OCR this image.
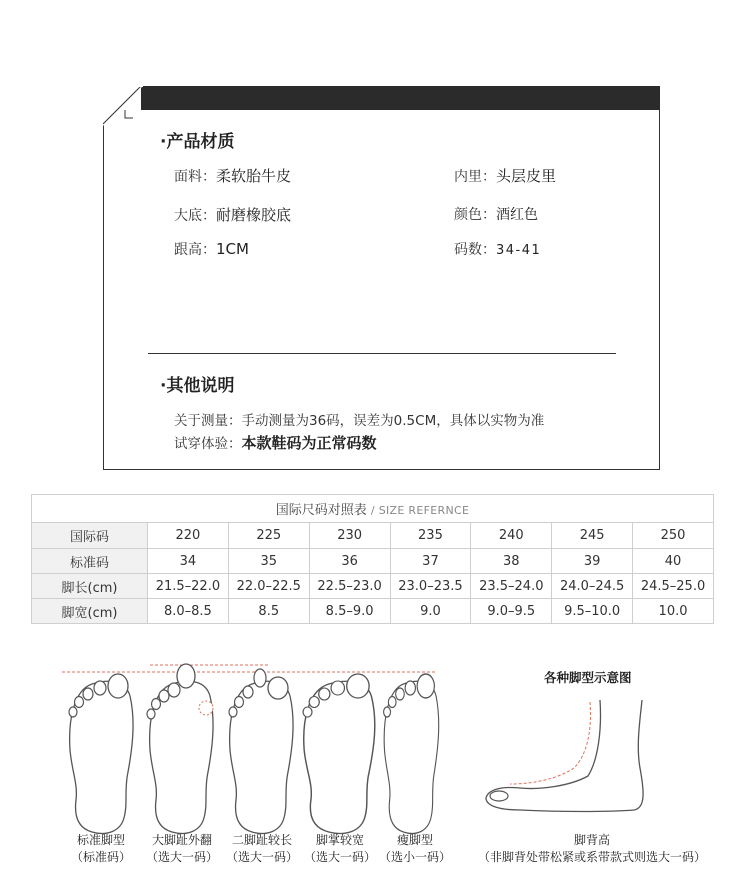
·产品材质
面料：柔软胎牛皮	内里：头层皮里
大底：耐磨橡胶底	颜色：酒红色
跟高：1CM	码数：34-41
·其他说明
关于测量：手动测量为36码，误差为0.5CM，具体以实物为准
试穿体验：本款鞋码为正常码数
国际尺码对照表 / SIZE REFERNCE							
国际码	220	225	230	235	240	245	250
标准码	34	35	36	37	38	39	40
脚长(cm)	21.5–22.0	22.0–22.5	22.5–23.0	23.0–23.5	23.5–24.0	24.0–24.5	24.5–25.0
脚宽(cm)	8.0–8.5	8.5	8.5–9.0	9.0	9.0–9.5	9.5–10.0	10.0
各种脚型示意图
标准脚型
（标准码）
大脚趾外翻
（选大一码）
二脚趾较长
（选大一码）
脚掌较宽
（选大一码）
瘦脚型
（选小一码）
脚背高
（非脚背处带松紧或系带款式则选大一码）
